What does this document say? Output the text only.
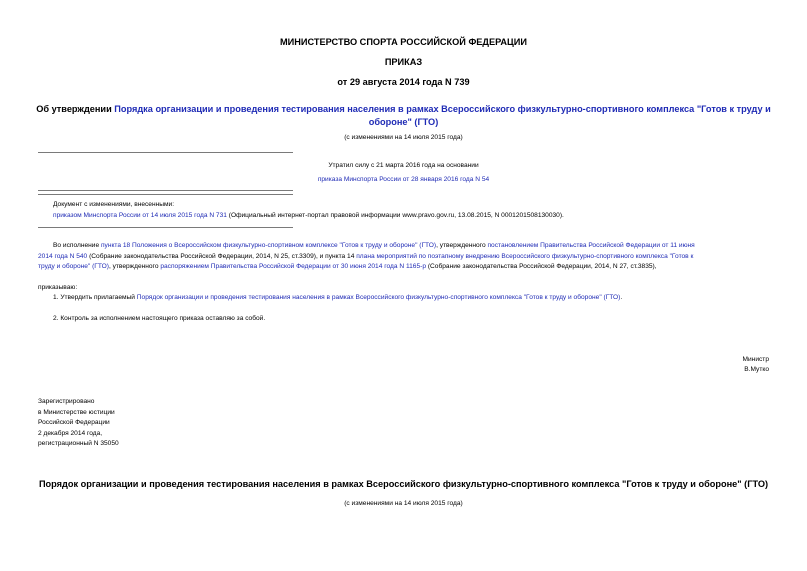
МИНИСТЕРСТВО СПОРТА РОССИЙСКОЙ ФЕДЕРАЦИИ
ПРИКАЗ
от 29 августа 2014 года N 739
Об утверждении Порядка организации и проведения тестирования населения в рамках Всероссийского физкультурно-спортивного комплекса "Готов к труду и
обороне" (ГТО)
(с изменениями на 14 июля 2015 года)
Утратил силу с 21 марта 2016 года на основании
приказа Минспорта России от 28 января 2016 года N 54
Документ с изменениями, внесенными:
приказом Минспорта России от 14 июля 2015 года N 731 (Официальный интернет-портал правовой информации www.pravo.gov.ru, 13.08.2015, N 0001201508130030).
Во исполнение пункта 18 Положения о Всероссийском физкультурно-спортивном комплексе "Готов к труду и обороне" (ГТО), утвержденного постановлением Правительства Российской Федерации от 11 июня
2014 года N 540 (Собрание законодательства Российской Федерации, 2014, N 25, ст.3309), и пункта 14 плана мероприятий по поэтапному внедрению Всероссийского физкультурно-спортивного комплекса "Готов к
труду и обороне" (ГТО), утвержденного распоряжением Правительства Российской Федерации от 30 июня 2014 года N 1165-р (Собрание законодательства Российской Федерации, 2014, N 27, ст.3835),
приказываю:
1. Утвердить прилагаемый Порядок организации и проведения тестирования населения в рамках Всероссийского физкультурно-спортивного комплекса "Готов к труду и обороне" (ГТО).
2. Контроль за исполнением настоящего приказа оставляю за собой.
Министр
В.Мутко
Зарегистрировано
в Министерстве юстиции
Российской Федерации
2 декабря 2014 года,
регистрационный N 35050
Порядок организации и проведения тестирования населения в рамках Всероссийского физкультурно-спортивного комплекса "Готов к труду и обороне" (ГТО)
(с изменениями на 14 июля 2015 года)
